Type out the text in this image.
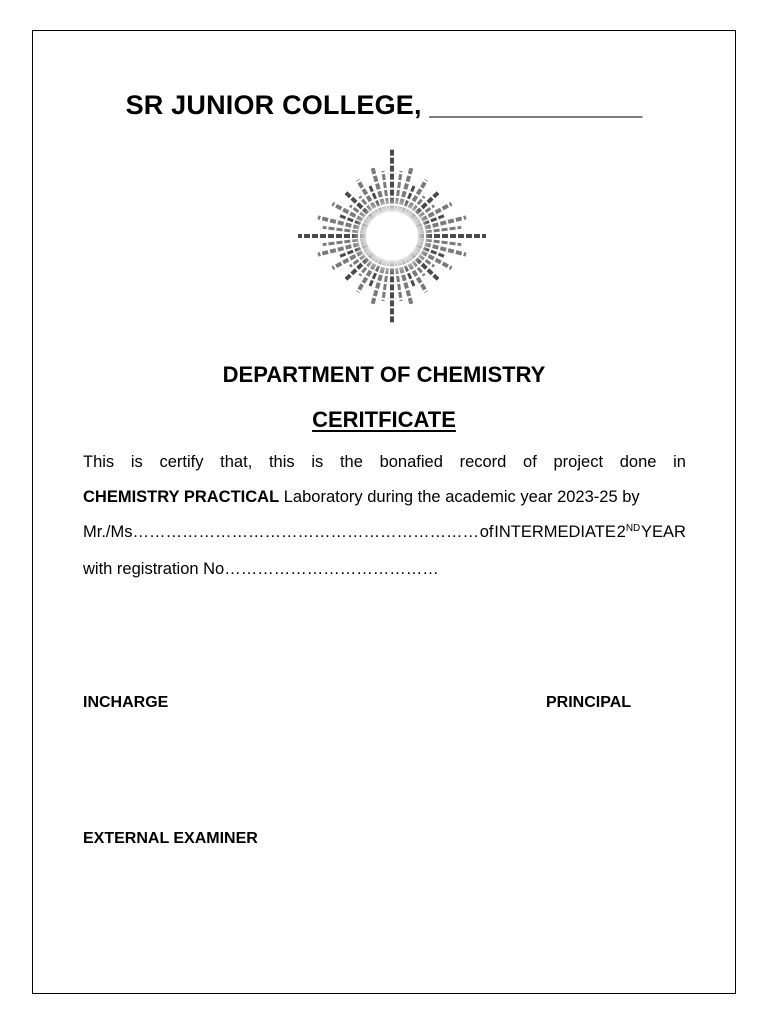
SR JUNIOR COLLEGE, ______________
DEPARTMENT OF CHEMISTRY
CERITFICATE
This is certify that, this is the bonafied record of project done in
CHEMISTRY PRACTICAL Laboratory during the academic year 2023-25 by
Mr./Ms……………………………………………………… of INTERMEDIATE 2ND YEAR
with registration No…………………………………
INCHARGE	PRINCIPAL
EXTERNAL EXAMINER
